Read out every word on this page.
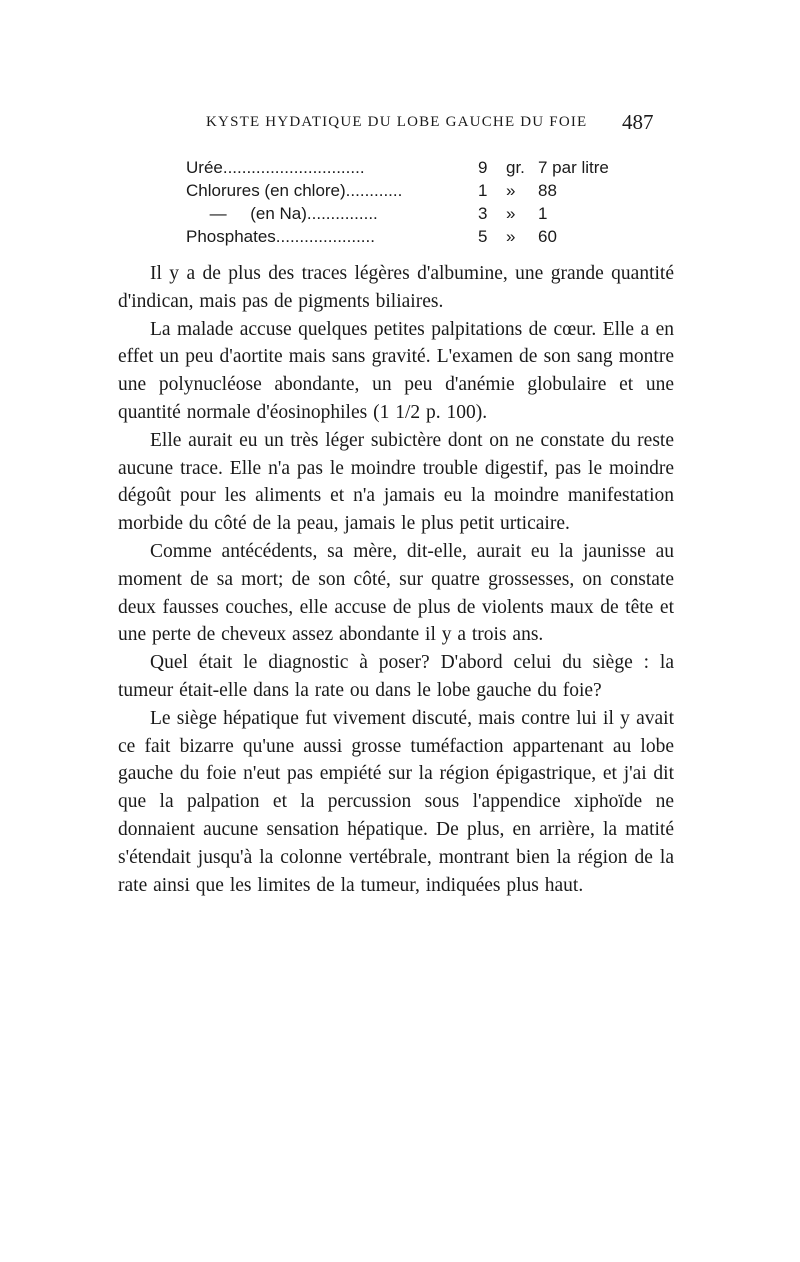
KYSTE HYDATIQUE DU LOBE GAUCHE DU FOIE 487
Urée..............................	9	gr. 7 par litre
Chlorures (en chlore)............	1	»	88
—     (en Na)...............	3	»	1
Phosphates.....................	5	»	60

Il y a de plus des traces légères d'albumine, une grande quantité d'indican, mais pas de pigments biliaires.

La malade accuse quelques petites palpitations de cœur. Elle a en effet un peu d'aortite mais sans gravité. L'examen de son sang montre une polynucléose abondante, un peu d'anémie globulaire et une quantité normale d'éosinophiles (1 1/2 p. 100).

Elle aurait eu un très léger subictère dont on ne constate du reste aucune trace. Elle n'a pas le moindre trouble digestif, pas le moindre dégoût pour les aliments et n'a jamais eu la moindre manifestation morbide du côté de la peau, jamais le plus petit urticaire.

Comme antécédents, sa mère, dit-elle, aurait eu la jaunisse au moment de sa mort; de son côté, sur quatre grossesses, on constate deux fausses couches, elle accuse de plus de violents maux de tête et une perte de cheveux assez abondante il y a trois ans.

Quel était le diagnostic à poser? D'abord celui du siège : la tumeur était-elle dans la rate ou dans le lobe gauche du foie?

Le siège hépatique fut vivement discuté, mais contre lui il y avait ce fait bizarre qu'une aussi grosse tuméfaction appartenant au lobe gauche du foie n'eut pas empiété sur la région épigastrique, et j'ai dit que la palpation et la percussion sous l'appendice xiphoïde ne donnaient aucune sensation hépatique. De plus, en arrière, la matité s'étendait jusqu'à la colonne vertébrale, montrant bien la région de la rate ainsi que les limites de la tumeur, indiquées plus haut.
